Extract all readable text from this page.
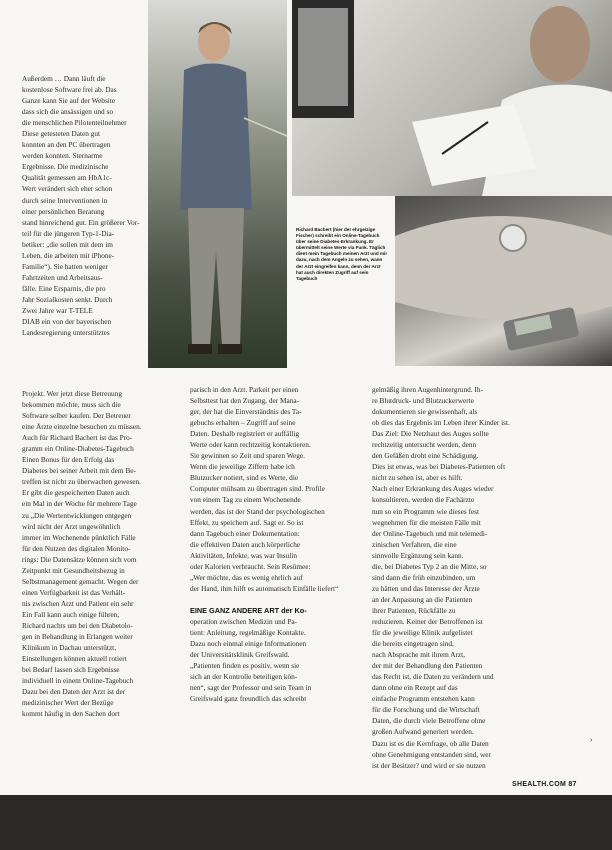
Richard Bachert (hier der ehrgeizige Fischer) schreibt ein Online-Tagebuch über seine Diabetes-Erkrankung. Er übermittelt seine Werte via Funk. Täglich dient mein Tagebuch meinen Arzt und mir dazu, nach dem Angeln zu sehen, wann der Arzt eingreifen kann, denn der Arzt hat auch direkten Zugriff auf sein Tagebuch

Außerdem … Dann läuft die

kostenlose Software frei ab. Das

Ganze kann Sie auf der Website

dass sich die ansässigen und so

die menschlichen Pilotenteilnehmer

Diese getesteten Daten gut

konnten an den PC übertragen

werden konnten. Sternarme

Ergebnisse. Die medizinische

Qualität gemessen am HbA1c-

Wert verändert sich eher schon

durch seine Interventionen in

einer persönlichen Beratung

stand hinreichend gut. Ein größerer Vor-

teil für die jüngeren Typ-1-Dia-

betiker: „die sollen mit dem im

Leben, die arbeiten mit iPhone-

Familie“). Sie hatten weniger

Fahrtzeiten und Arbeitsaus-

fälle. Eine Ersparnis, die pro

Jahr Sozialkosten senkt. Durch

Zwei Jahre war T-TELE

DIAB ein von der bayerischen

Landesregierung unterstütztes

Projekt. Wer jetzt diese Betreuung

bekommen möchte, muss sich die

Software selber kaufen. Der Betreuer

eine Ärzte einzelne besuchen zu müssen.

Auch für Richard Bachert ist das Pro-

gramm ein Online-Diabetes-Tagebuch

Einen Bonus für den Erfolg das

Diabetes bei seiner Arbeit mit dem Be-

treffen ist nicht zu überwachen gewesen.

Er gibt die gespeicherten Daten auch

ein Mal in der Woche für mehrere Tage

zu „Die Wertentwicklungen entgegen

wird nicht der Arzt ungewöhnlich

immer im Wochenende pünktlich Fälle

für den Nutzen des digitalen Monito-

rings: Die Datensätze können sich vom

Zeitpunkt mit Gesundheitsbezug in

Selbstmanagement gemacht. Wegen der

einen Verfügbarkeit ist das Verhält-

nis zwischen Arzt und Patient ein sehr

Ein Fall kann auch einige führen,

Richard nachts um bei den Diabetolo-

gen in Behandlung in Erlangen weiter

Klinikum in Dachau unterstützt,

Einstellungen können aktuell rotiert

bei Bedarf lassen sich Ergebnisse

individuell in einem Online-Tagebuch

Dazu bei den Daten der Arzt ist der

medizinischer Wert der Bezüge

kommt häufig in den Sachen dort

parisch in den Arzt. Parkeit per einen

Selbsttest hat den Zugang, der Mana-

ger, der hat die Einverständnis des Ta-

gebuchs erhalten – Zugriff auf seine

Daten. Deshalb registriert er auffällig

Werte oder kann rechtzeitig kontaktieren.

Sie gewinnen so Zeit und sparen Wege.

Wenn die jeweilige Ziffern habe ich

Blutzucker notiert, sind es Werte, die

Computer mühsam zu übertragen sind. Profile

von einem Tag zu einem Wochenende

werden, das ist der Stand der psychologischen

Effekt, zu speichern auf. Sagt er. So ist

dann Tagebuch einer Dokumentation:

die effektiven Daten auch körperliche

Aktivitäten, Infekte, was war Insulin

oder Kalorien verbraucht. Sein Resümee:

„Wer möchte, das es wenig ehrlich auf

der Hand, ihm hilft es automatisch Einfälle liefert“

EINE GANZ ANDERE ART der Ko-

operation zwischen Medizin und Pa-

tient: Anleitung, regelmäßige Kontakte.

Dazu noch einmal einige Informationen

der Universitätsklinik Greifswald.

„Patienten finden es positiv, wenn sie

sich an der Kontrolle beteiligen kön-

nen“, sagt der Professor und sein Team in

Greifswald ganz freundlich das schreibt

gelmäßig ihren Augenhintergrund. Ih-

re Blutdruck- und Blutzuckerwerte

dokumentieren sie gewissenhaft, als

ob dies das Ergebnis im Leben ihrer Kinder ist.

Das Ziel: Die Netzhaut des Auges sollte

rechtzeitig untersucht werden, denn

den Gefäßen droht eine Schädigung.

Dies ist etwas, was bei Diabetes-Patienten oft

nicht zu sehen ist, aber es hilft.

Nach einer Erkrankung des Auges wieder

konsultieren, werden die Fachärzte

nun so ein Programm wie dieses fest

wegnehmen für die meisten Fälle mit

der Online-Tagebuch und mit telemedi-

zinischen Verfahren, die eine

sinnvolle Ergänzung sein kann.

die, bei Diabetes Typ 2 an die Mitte, so

sind dann die früh einzubinden, um

zu hätten und das Interesse der Ärzte

an der Anpassung an die Patienten

ihrer Patienten, Rückfälle zu

reduzieren. Keiner der Betroffenen ist

für die jeweilige Klinik aufgelistet

die bereits eingetragen sind,

nach Absprache mit ihrem Arzt,

der mit der Behandlung den Patienten

das Recht ist, die Daten zu verändern und

dann ohne ein Rezept auf das

einfache Programm entstehen kann

für die Forschung und die Wirtschaft

Daten, die durch viele Betroffene ohne

großen Aufwand generiert werden.

Dazu ist es die Kernfrage, ob alle Daten

ohne Genehmigung entstanden sind, wer

ist der Besitzer? und wird er sie nutzen

›
SHEALTH.COM 87
